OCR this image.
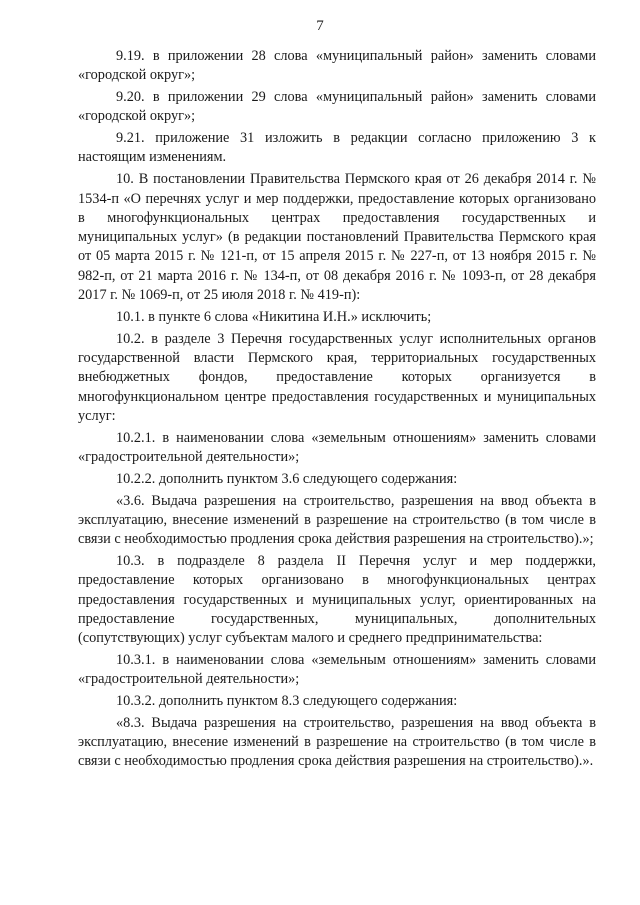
7

9.19. в приложении 28 слова «муниципальный район» заменить словами «городской округ»;

9.20. в приложении 29 слова «муниципальный район» заменить словами «городской округ»;

9.21. приложение 31 изложить в редакции согласно приложению 3 к настоящим изменениям.

10. В постановлении Правительства Пермского края от 26 декабря 2014 г. № 1534-п «О перечнях услуг и мер поддержки, предоставление которых организовано в многофункциональных центрах предоставления государственных и муниципальных услуг» (в редакции постановлений Правительства Пермского края от 05 марта 2015 г. № 121-п, от 15 апреля 2015 г. № 227-п, от 13 ноября 2015 г. № 982-п, от 21 марта 2016 г. № 134-п, от 08 декабря 2016 г. № 1093-п, от 28 декабря 2017 г. № 1069-п, от 25 июля 2018 г. № 419-п):

10.1. в пункте 6 слова «Никитина И.Н.» исключить;

10.2. в разделе 3 Перечня государственных услуг исполнительных органов государственной власти Пермского края, территориальных государственных внебюджетных фондов, предоставление которых организуется в многофункциональном центре предоставления государственных и муниципальных услуг:

10.2.1. в наименовании слова «земельным отношениям» заменить словами «градостроительной деятельности»;

10.2.2. дополнить пунктом 3.6 следующего содержания:

«3.6. Выдача разрешения на строительство, разрешения на ввод объекта в эксплуатацию, внесение изменений в разрешение на строительство (в том числе в связи с необходимостью продления срока действия разрешения на строительство).»;

10.3. в подразделе 8 раздела II Перечня услуг и мер поддержки, предоставление которых организовано в многофункциональных центрах предоставления государственных и муниципальных услуг, ориентированных на предоставление государственных, муниципальных, дополнительных (сопутствующих) услуг субъектам малого и среднего предпринимательства:

10.3.1. в наименовании слова «земельным отношениям» заменить словами «градостроительной деятельности»;

10.3.2. дополнить пунктом 8.3 следующего содержания:

«8.3. Выдача разрешения на строительство, разрешения на ввод объекта в эксплуатацию, внесение изменений в разрешение на строительство (в том числе в связи с необходимостью продления срока действия разрешения на строительство).».
